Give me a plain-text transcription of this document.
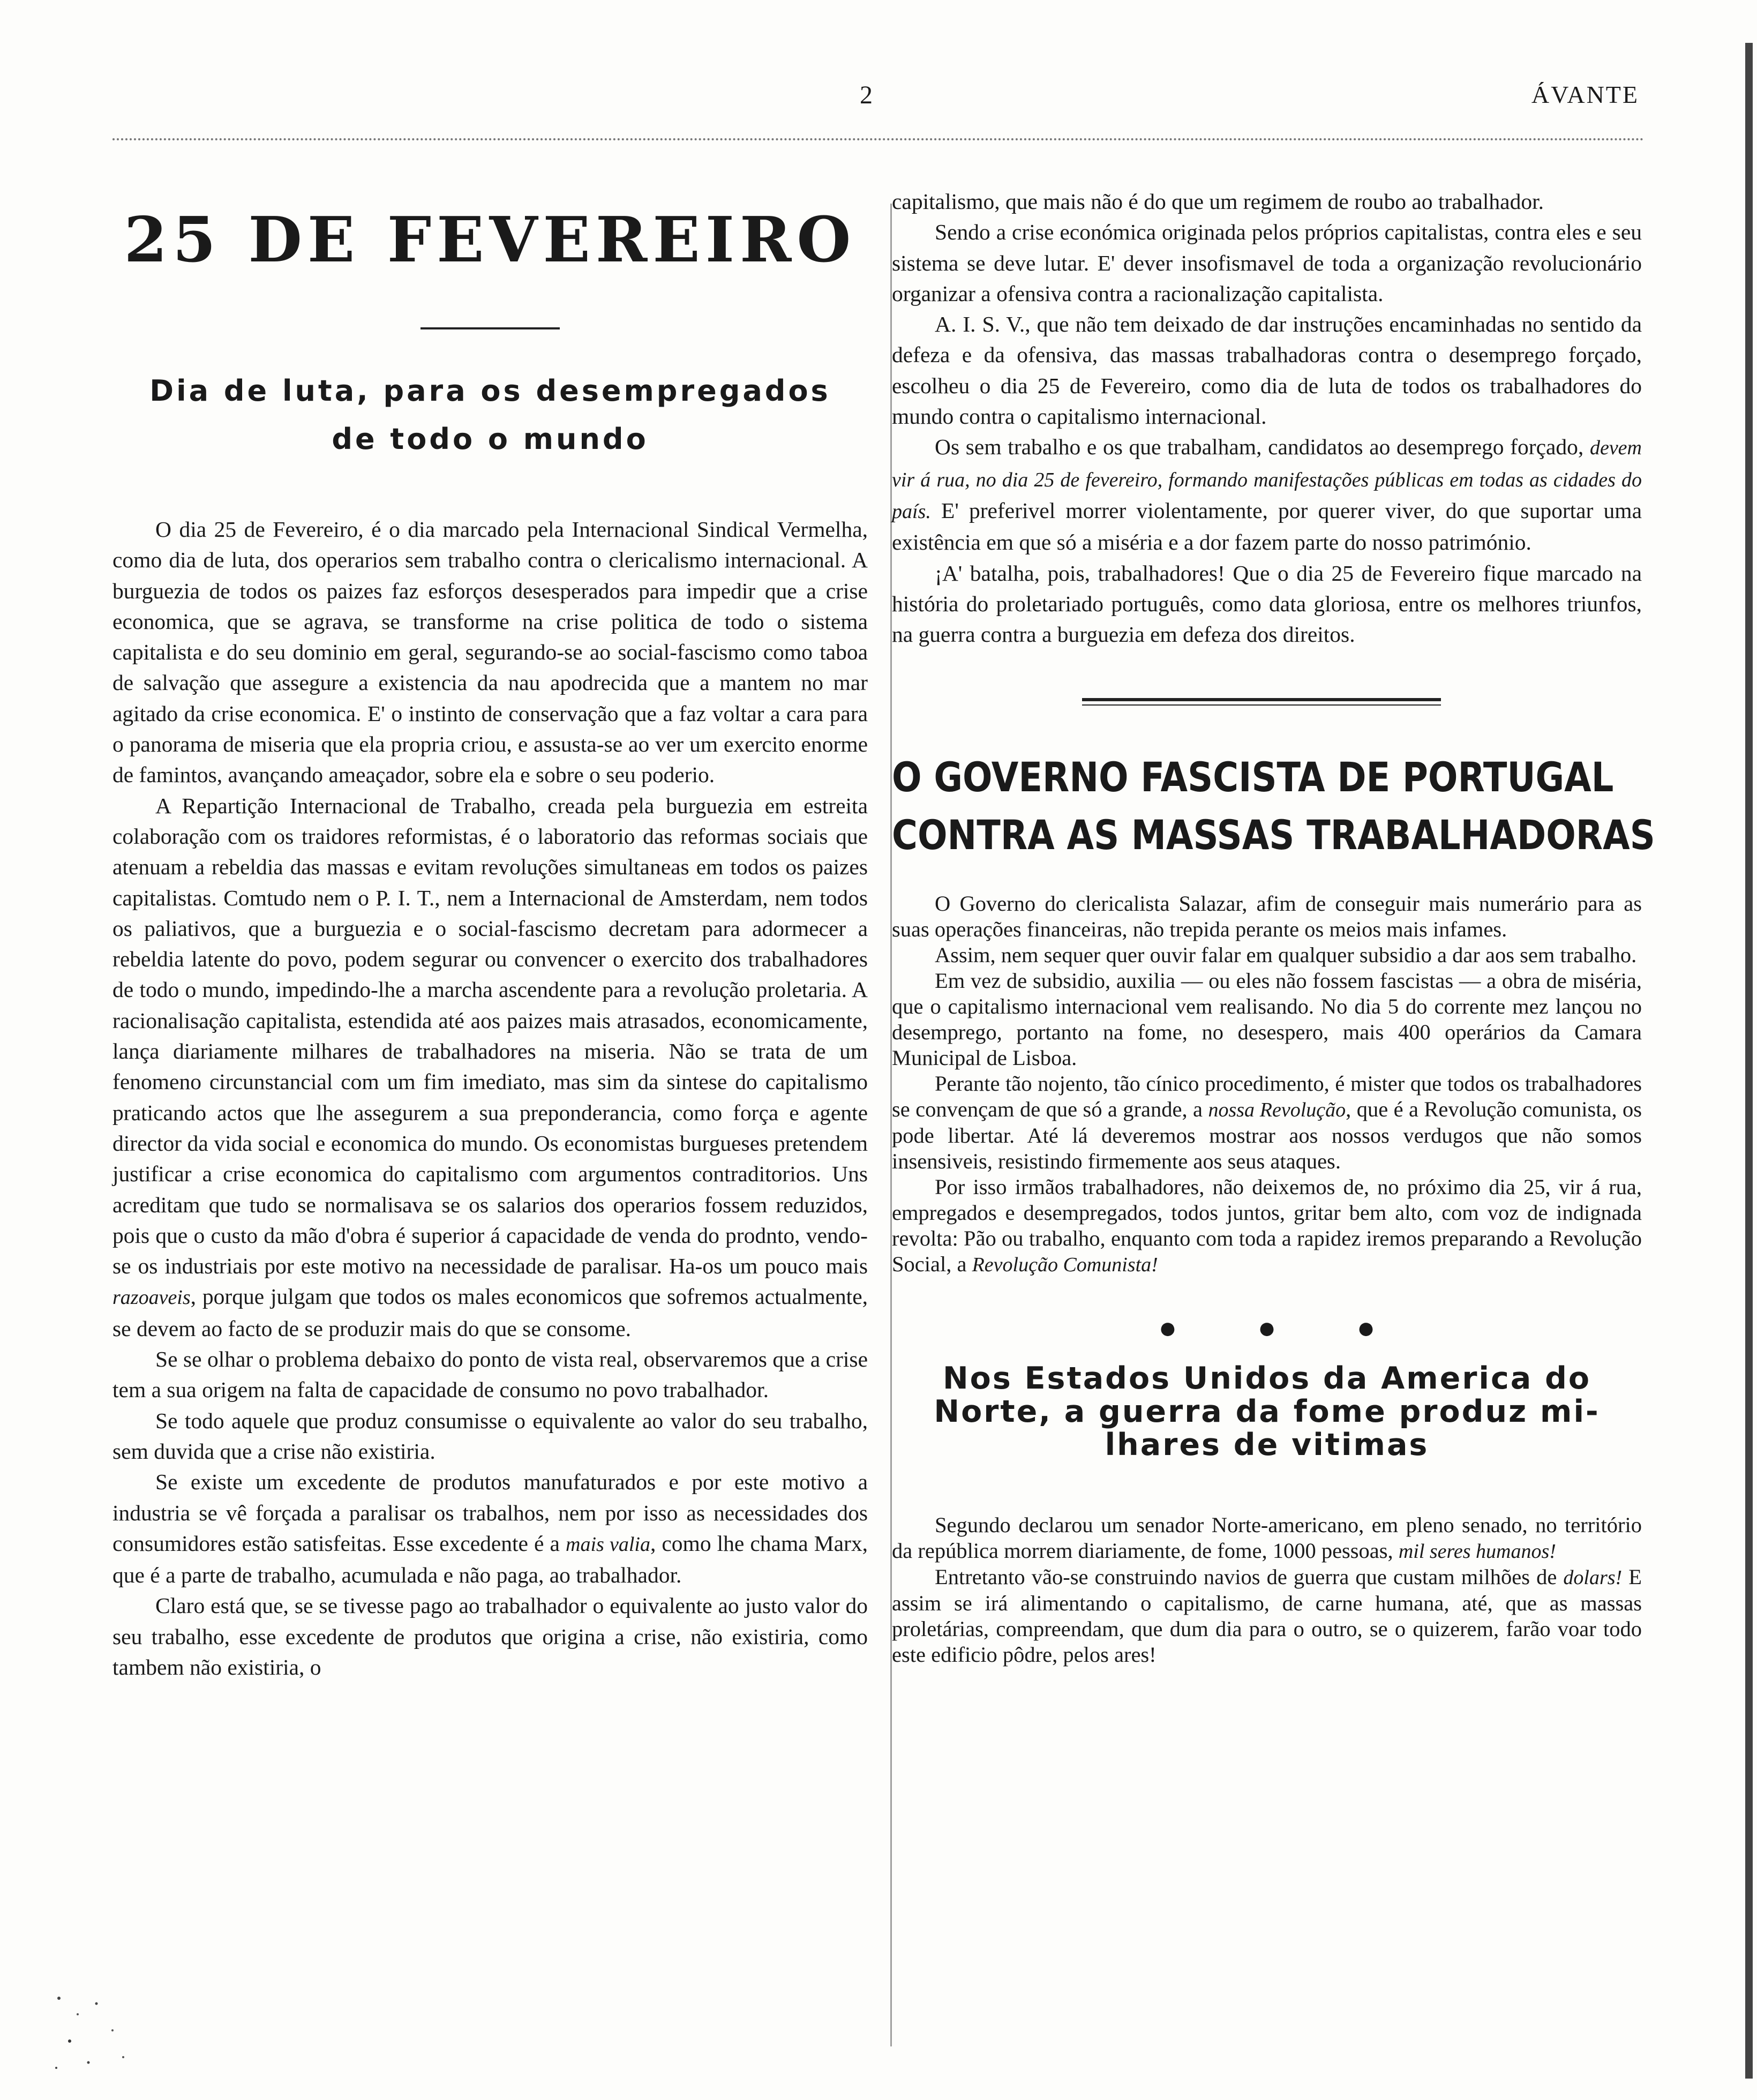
2	ÁVANTE
25 DE FEVEREIRO
Dia de luta, para os desempregados
de todo o mundo

O dia 25 de Fevereiro, é o dia marcado pela Internacional Sindical Vermelha, como dia de luta, dos operarios sem trabalho contra o clericalismo internacional. A burguezia de todos os paizes faz esforços desesperados para impedir que a crise economica, que se agrava, se transforme na crise politica de todo o sistema capitalista e do seu dominio em geral, segurando-se ao social-fascismo como taboa de salvação que assegure a existencia da nau apodrecida que a mantem no mar agitado da crise economica. E' o instinto de conservação que a faz voltar a cara para o panorama de miseria que ela propria criou, e assusta-se ao ver um exercito enorme de famintos, avançando ameaçador, sobre ela e sobre o seu poderio.

A Repartição Internacional de Trabalho, creada pela burguezia em estreita colaboração com os traidores reformistas, é o laboratorio das reformas sociais que atenuam a rebeldia das massas e evitam revoluções simultaneas em todos os paizes capitalistas. Comtudo nem o P. I. T., nem a Internacional de Amsterdam, nem todos os paliativos, que a burguezia e o social-fascismo decretam para adormecer a rebeldia latente do povo, podem segurar ou convencer o exercito dos trabalhadores de todo o mundo, impedindo-lhe a marcha ascendente para a revolução proletaria. A racionalisação capitalista, estendida até aos paizes mais atrasados, economicamente, lança diariamente milhares de trabalhadores na miseria. Não se trata de um fenomeno circunstancial com um fim imediato, mas sim da sintese do capitalismo praticando actos que lhe assegurem a sua preponderancia, como força e agente director da vida social e economica do mundo. Os economistas burgueses pretendem justificar a crise economica do capitalismo com argumentos contraditorios. Uns acreditam que tudo se normalisava se os salarios dos operarios fossem reduzidos, pois que o custo da mão d'obra é superior á capacidade de venda do prodnto, vendo-se os industriais por este motivo na necessidade de paralisar. Ha-os um pouco mais razoaveis, porque julgam que todos os males economicos que sofremos actualmente, se devem ao facto de se produzir mais do que se consome.

Se se olhar o problema debaixo do ponto de vista real, observaremos que a crise tem a sua origem na falta de capacidade de consumo no povo trabalhador.

Se todo aquele que produz consumisse o equivalente ao valor do seu trabalho, sem duvida que a crise não existiria.

Se existe um excedente de produtos manufaturados e por este motivo a industria se vê forçada a paralisar os trabalhos, nem por isso as necessidades dos consumidores estão satisfeitas. Esse excedente é a mais valia, como lhe chama Marx, que é a parte de trabalho, acumulada e não paga, ao trabalhador.

Claro está que, se se tivesse pago ao trabalhador o equivalente ao justo valor do seu trabalho, esse excedente de produtos que origina a crise, não existiria, como tambem não existiria, o

capitalismo, que mais não é do que um regimem de roubo ao trabalhador.

Sendo a crise económica originada pelos próprios capitalistas, contra eles e seu sistema se deve lutar. E' dever insofismavel de toda a organização revolucionário organizar a ofensiva contra a racionalização capitalista.

A. I. S. V., que não tem deixado de dar instruções encaminhadas no sentido da defeza e da ofensiva, das massas trabalhadoras contra o desemprego forçado, escolheu o dia 25 de Fevereiro, como dia de luta de todos os trabalhadores do mundo contra o capitalismo internacional.

Os sem trabalho e os que trabalham, candidatos ao desemprego forçado, devem vir á rua, no dia 25 de fevereiro, formando manifestações públicas em todas as cidades do país. E' preferivel morrer violentamente, por querer viver, do que suportar uma existência em que só a miséria e a dor fazem parte do nosso património.

¡A' batalha, pois, trabalhadores! Que o dia 25 de Fevereiro fique marcado na história do proletariado português, como data gloriosa, entre os melhores triunfos, na guerra contra a burguezia em defeza dos direitos.

O GOVERNO FASCISTA DE PORTUGAL
CONTRA AS MASSAS TRABALHADORAS

O Governo do clericalista Salazar, afim de conseguir mais numerário para as suas operações financeiras, não trepida perante os meios mais infames.

Assim, nem sequer quer ouvir falar em qualquer subsidio a dar aos sem trabalho.

Em vez de subsidio, auxilia — ou eles não fossem fascistas — a obra de miséria, que o capitalismo internacional vem realisando. No dia 5 do corrente mez lançou no desemprego, portanto na fome, no desespero, mais 400 operários da Camara Municipal de Lisboa.

Perante tão nojento, tão cínico procedimento, é mister que todos os trabalhadores se convençam de que só a grande, a nossa Revolução, que é a Revolução comunista, os pode libertar. Até lá deveremos mostrar aos nossos verdugos que não somos insensiveis, resistindo firmemente aos seus ataques.

Por isso irmãos trabalhadores, não deixemos de, no próximo dia 25, vir á rua, empregados e desempregados, todos juntos, gritar bem alto, com voz de indignada revolta: Pão ou trabalho, enquanto com toda a rapidez iremos preparando a Revolução Social, a Revolução Comunista!

●	●	●
Nos Estados Unidos da America do
Norte, a guerra da fome produz mi-
lhares de vitimas

Segundo declarou um senador Norte-americano, em pleno senado, no território da república morrem diariamente, de fome, 1000 pessoas, mil seres humanos!

Entretanto vão-se construindo navios de guerra que custam milhões de dolars! E assim se irá alimentando o capitalismo, de carne humana, até, que as massas proletárias, compreendam, que dum dia para o outro, se o quizerem, farão voar todo este edificio pôdre, pelos ares!
